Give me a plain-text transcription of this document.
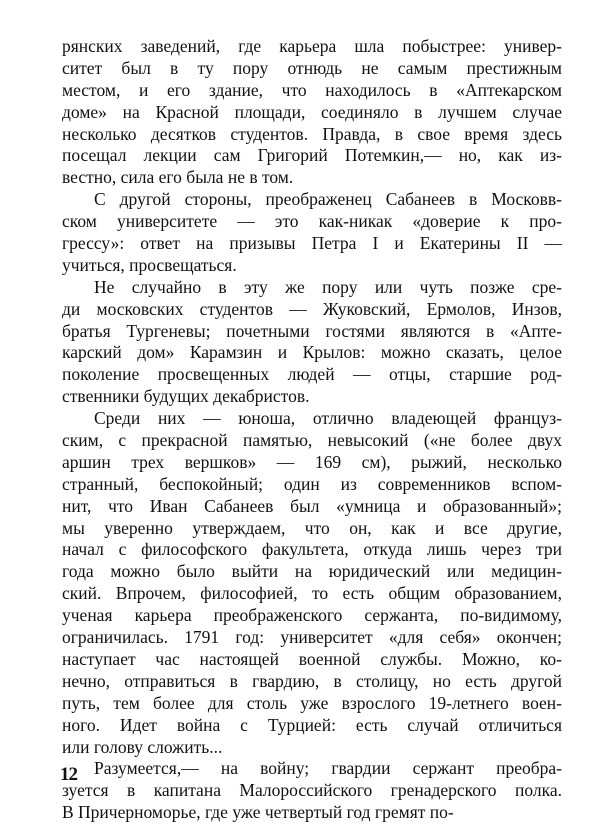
рянских заведений, где карьера шла побыстрее: универ-
ситет был в ту пору отнюдь не самым престижным
местом, и его здание, что находилось в «Аптекарском
доме» на Красной площади, соединяло в лучшем случае
несколько десятков студентов. Правда, в свое время здесь
посещал лекции сам Григорий Потемкин,— но, как из-
вестно, сила его была не в том.
С другой стороны, преображенец Сабанеев в Московв-
ском университете — это как-никак «доверие к про-
грессу»: ответ на призывы Петра I и Екатерины II —
учиться, просвещаться.
Не случайно в эту же пору или чуть позже сре-
ди московских студентов — Жуковский, Ермолов, Инзов,
братья Тургеневы; почетными гостями являются в «Апте-
карский дом» Карамзин и Крылов: можно сказать, целое
поколение просвещенных людей — отцы, старшие род-
ственники будущих декабристов.
Среди них — юноша, отлично владеющей француз-
ским, с прекрасной памятью, невысокий («не более двух
аршин трех вершков» — 169 см), рыжий, несколько
странный, беспокойный; один из современников вспом-
нит, что Иван Сабанеев был «умница и образованный»;
мы уверенно утверждаем, что он, как и все другие,
начал с философского факультета, откуда лишь через три
года можно было выйти на юридический или медицин-
ский. Впрочем, философией, то есть общим образованием,
ученая карьера преображенского сержанта, по-видимому,
ограничилась. 1791 год: университет «для себя» окончен;
наступает час настоящей военной службы. Можно, ко-
нечно, отправиться в гвардию, в столицу, но есть другой
путь, тем более для столь уже взрослого 19-летнего воен-
ного. Идет война с Турцией: есть случай отличиться
или голову сложить...
Разумеется,— на войну; гвардии сержант преобра-
зуется в капитана Малороссийского гренадерского полка.
В Причерноморье, где уже четвертый год гремят по-
12
